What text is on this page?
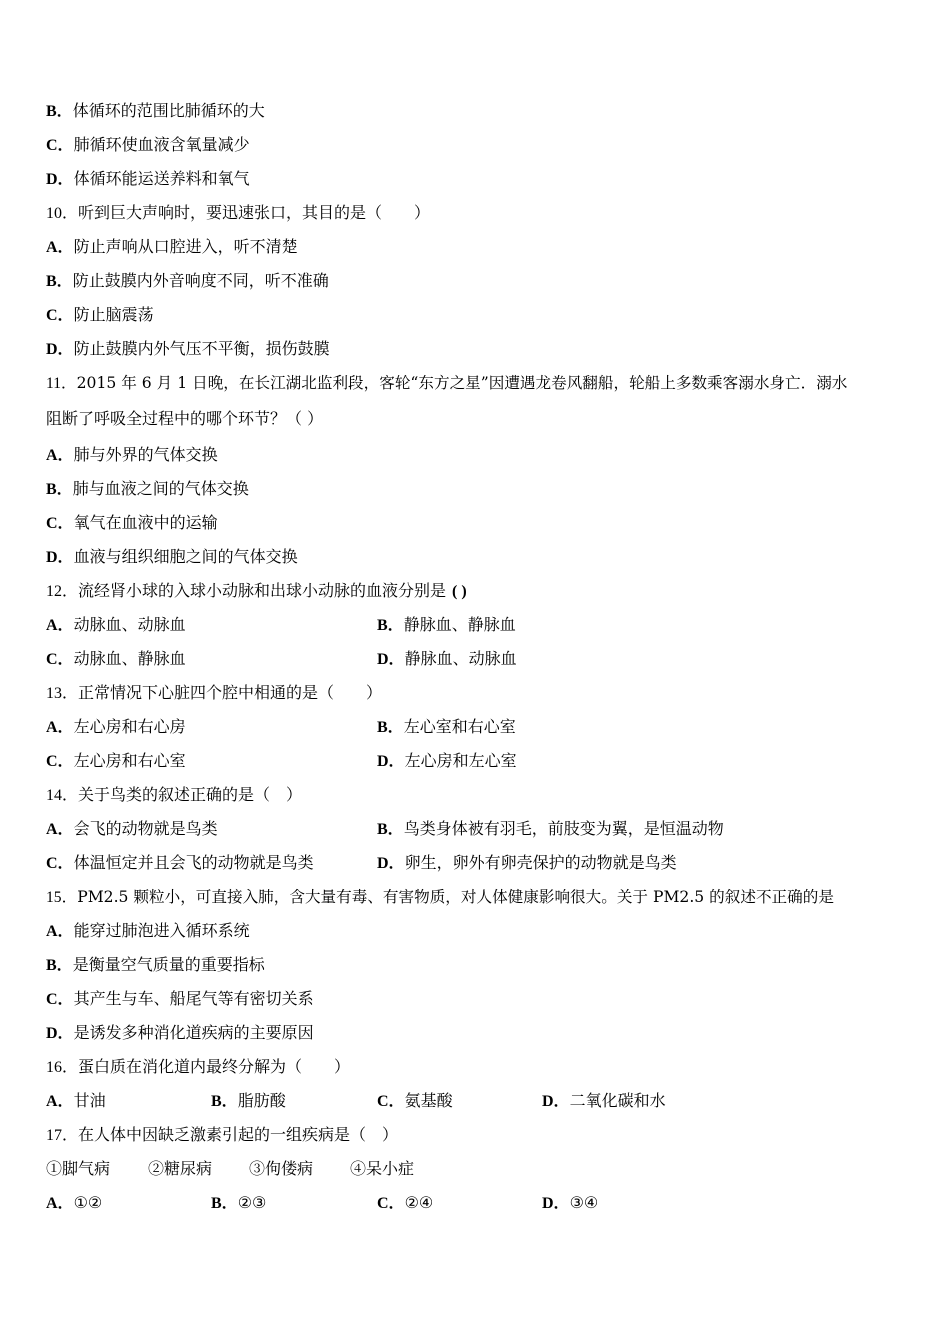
B．体循环的范围比肺循环的大
C．肺循环使血液含氧量减少
D．体循环能运送养料和氧气
10．听到巨大声响时，要迅速张口，其目的是（　　）
A．防止声响从口腔进入，听不清楚
B．防止鼓膜内外音响度不同，听不准确
C．防止脑震荡
D．防止鼓膜内外气压不平衡，损伤鼓膜
11．2015 年 6 月 1 日晚，在长江湖北监利段，客轮“东方之星”因遭遇龙卷风翻船，轮船上多数乘客溺水身亡．溺水
阻断了呼吸全过程中的哪个环节？（ ）
A．肺与外界的气体交换
B．肺与血液之间的气体交换
C．氧气在血液中的运输
D．血液与组织细胞之间的气体交换
12．流经肾小球的入球小动脉和出球小动脉的血液分别是 ( )
A．动脉血、动脉血	B．静脉血、静脉血
C．动脉血、静脉血	D．静脉血、动脉血
13．正常情况下心脏四个腔中相通的是（　　）
A．左心房和右心房	B．左心室和右心室
C．左心房和右心室	D．左心房和左心室
14．关于鸟类的叙述正确的是（　）
A．会飞的动物就是鸟类	B．鸟类身体被有羽毛，前肢变为翼，是恒温动物
C．体温恒定并且会飞的动物就是鸟类	D．卵生，卵外有卵壳保护的动物就是鸟类
15．PM2.5 颗粒小，可直接入肺，含大量有毒、有害物质，对人体健康影响很大。关于 PM2.5 的叙述不正确的是
A．能穿过肺泡进入循环系统
B．是衡量空气质量的重要指标
C．其产生与车、船尾气等有密切关系
D．是诱发多种消化道疾病的主要原因
16．蛋白质在消化道内最终分解为（　　）
A．甘油	B．脂肪酸	C．氨基酸	D．二氧化碳和水
17．在人体中因缺乏激素引起的一组疾病是（　）
①脚气病 ②糖尿病 ③佝偻病 ④呆小症
A．①②	B．②③	C．②④	D．③④
